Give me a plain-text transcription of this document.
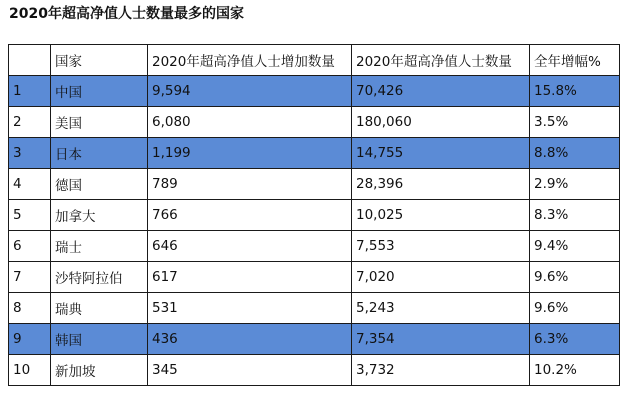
2020年超高净值人士数量最多的国家
	国家	2020年超高净值人士增加数量	2020年超高净值人士数量	全年增幅%
1	中国	9,594	70,426	15.8%
2	美国	6,080	180,060	3.5%
3	日本	1,199	14,755	8.8%
4	德国	789	28,396	2.9%
5	加拿大	766	10,025	8.3%
6	瑞士	646	7,553	9.4%
7	沙特阿拉伯	617	7,020	9.6%
8	瑞典	531	5,243	9.6%
9	韩国	436	7,354	6.3%
10	新加坡	345	3,732	10.2%
